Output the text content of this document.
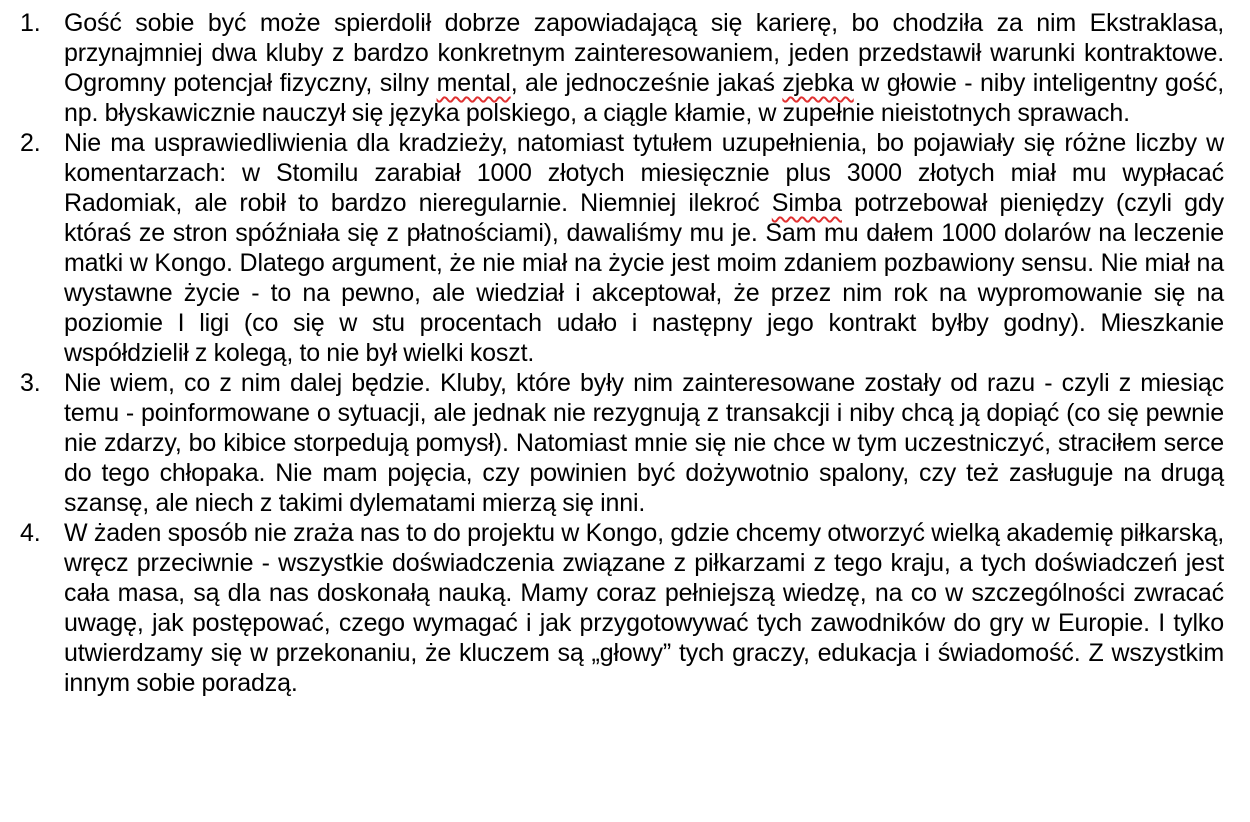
1. Gość sobie być może spierdolił dobrze zapowiadającą się karierę, bo chodziła za nim Ekstraklasa, przynajmniej dwa kluby z bardzo konkretnym zainteresowaniem, jeden przedstawił warunki kontraktowe. Ogromny potencjał fizyczny, silny mental, ale jednocześnie jakaś zjebka w głowie - niby inteligentny gość, np. błyskawicznie nauczył się języka polskiego, a ciągle kłamie, w zupełnie nieistotnych sprawach.
2. Nie ma usprawiedliwienia dla kradzieży, natomiast tytułem uzupełnienia, bo pojawiały się różne liczby w komentarzach: w Stomilu zarabiał 1000 złotych miesięcznie plus 3000 złotych miał mu wypłacać Radomiak, ale robił to bardzo nieregularnie. Niemniej ilekroć Simba potrzebował pieniędzy (czyli gdy któraś ze stron spóźniała się z płatnościami), dawaliśmy mu je. Sam mu dałem 1000 dolarów na leczenie matki w Kongo. Dlatego argument, że nie miał na życie jest moim zdaniem pozbawiony sensu. Nie miał na wystawne życie - to na pewno, ale wiedział i akceptował, że przez nim rok na wypromowanie się na poziomie I ligi (co się w stu procentach udało i następny jego kontrakt byłby godny). Mieszkanie współdzielił z kolegą, to nie był wielki koszt.
3. Nie wiem, co z nim dalej będzie. Kluby, które były nim zainteresowane zostały od razu - czyli z miesiąc temu - poinformowane o sytuacji, ale jednak nie rezygnują z transakcji i niby chcą ją dopiąć (co się pewnie nie zdarzy, bo kibice storpedują pomysł). Natomiast mnie się nie chce w tym uczestniczyć, straciłem serce do tego chłopaka. Nie mam pojęcia, czy powinien być dożywotnio spalony, czy też zasługuje na drugą szansę, ale niech z takimi dylematami mierzą się inni.
4. W żaden sposób nie zraża nas to do projektu w Kongo, gdzie chcemy otworzyć wielką akademię piłkarską, wręcz przeciwnie - wszystkie doświadczenia związane z piłkarzami z tego kraju, a tych doświadczeń jest cała masa, są dla nas doskonałą nauką. Mamy coraz pełniejszą wiedzę, na co w szczególności zwracać uwagę, jak postępować, czego wymagać i jak przygotowywać tych zawodników do gry w Europie. I tylko utwierdzamy się w przekonaniu, że kluczem są „głowy” tych graczy, edukacja i świadomość. Z wszystkim innym sobie poradzą.
